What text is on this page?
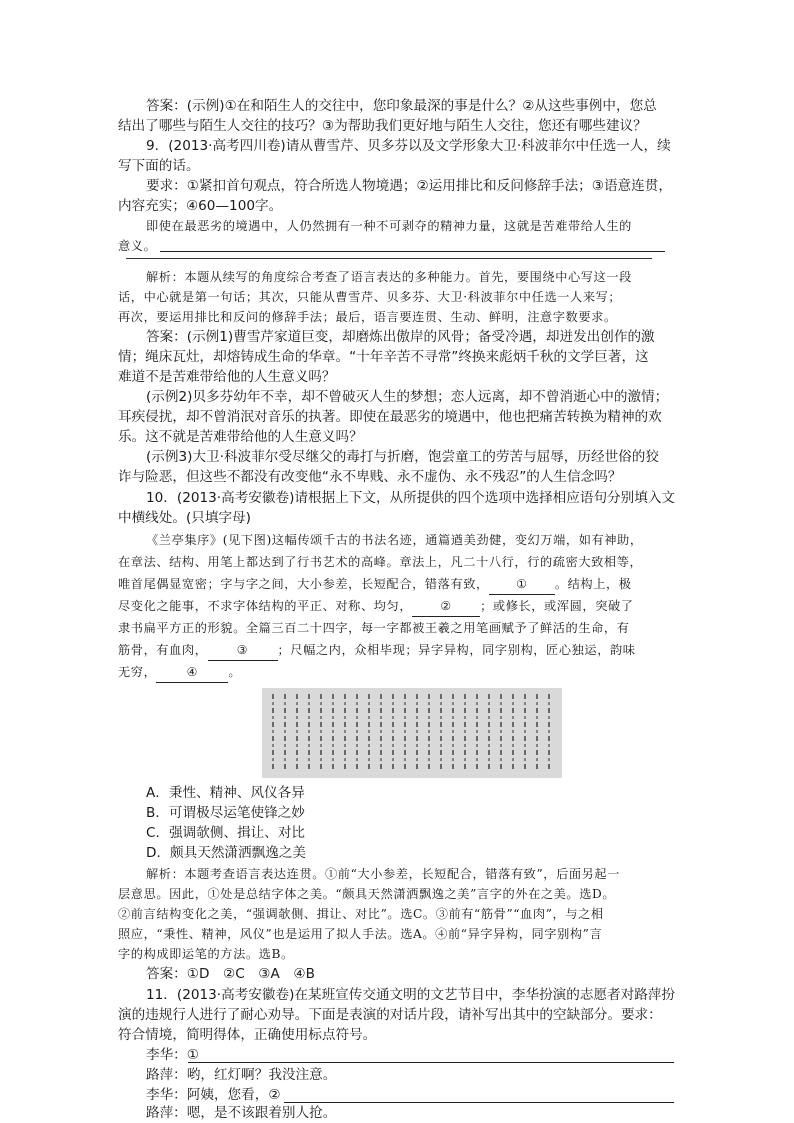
答案：(示例)①在和陌生人的交往中，您印象最深的事是什么？②从这些事例中，您总
结出了哪些与陌生人交往的技巧？③为帮助我们更好地与陌生人交往，您还有哪些建议？
9．(2013·高考四川卷)请从曹雪芹、贝多芬以及文学形象大卫·科波菲尔中任选一人，续
写下面的话。
要求：①紧扣首句观点，符合所选人物境遇；②运用排比和反问修辞手法；③语意连贯，
内容充实；④60—100字。
即使在最恶劣的境遇中，人仍然拥有一种不可剥夺的精神力量，这就是苦难带给人生的
意义。
解析：本题从续写的角度综合考查了语言表达的多种能力。首先，要围绕中心写这一段
话，中心就是第一句话；其次，只能从曹雪芹、贝多芬、大卫·科波菲尔中任选一人来写；
再次，要运用排比和反问的修辞手法；最后，语言要连贯、生动、鲜明，注意字数要求。
答案：(示例1)曹雪芹家道巨变，却磨炼出傲岸的风骨；备受冷遇，却迸发出创作的激
情；绳床瓦灶，却熔铸成生命的华章。“十年辛苦不寻常”终换来彪炳千秋的文学巨著，这
难道不是苦难带给他的人生意义吗？
(示例2)贝多芬幼年不幸，却不曾破灭人生的梦想；恋人远离，却不曾消逝心中的激情；
耳疾侵扰，却不曾消泯对音乐的执著。即使在最恶劣的境遇中，他也把痛苦转换为精神的欢
乐。这不就是苦难带给他的人生意义吗？
(示例3)大卫·科波菲尔受尽继父的毒打与折磨，饱尝童工的劳苦与屈辱，历经世俗的狡
诈与险恶，但这些不都没有改变他“永不卑贱、永不虚伪、永不残忍”的人生信念吗？
10．(2013·高考安徽卷)请根据上下文，从所提供的四个选项中选择相应语句分别填入文
中横线处。(只填字母)
《兰亭集序》(见下图)这幅传颂千古的书法名迹，通篇遒美劲健，变幻万端，如有神助，
在章法、结构、用笔上都达到了行书艺术的高峰。章法上，凡二十八行，行的疏密大致相等，
唯首尾偶显宽密；字与字之间，大小参差，长短配合，错落有致， ① 。结构上，极
尽变化之能事，不求字体结构的平正、对称、均匀， ② ；或修长，或浑圆，突破了
隶书扁平方正的形貌。全篇三百二十四字，每一字都被王羲之用笔画赋予了鲜活的生命，有
筋骨，有血肉， ③ ；尺幅之内，众相毕现；异字异构，同字别构，匠心独运，韵味
无穷， ④ 。
A．秉性、精神、风仪各异
B．可谓极尽运笔使锋之妙
C．强调欹侧、揖让、对比
D．颇具天然潇洒飘逸之美
解析：本题考查语言表达连贯。①前“大小参差，长短配合，错落有致”，后面另起一
层意思。因此，①处是总结字体之美。“颇具天然潇洒飘逸之美”言字的外在之美。选D。
②前言结构变化之美，“强调欹侧、揖让、对比”。选C。③前有“筋骨”“血肉”，与之相
照应，“秉性、精神，风仪”也是运用了拟人手法。选A。④前“异字异构，同字别构”言
字的构成即运笔的方法。选B。
答案：①D　②C　③A　④B
11．(2013·高考安徽卷)在某班宣传交通文明的文艺节目中，李华扮演的志愿者对路萍扮
演的违规行人进行了耐心劝导。下面是表演的对话片段，请补写出其中的空缺部分。要求：
符合情境，简明得体，正确使用标点符号。
李华：①
路萍：哟，红灯啊？我没注意。
李华：阿姨，您看，②
路萍：嗯，是不该跟着别人抢。
